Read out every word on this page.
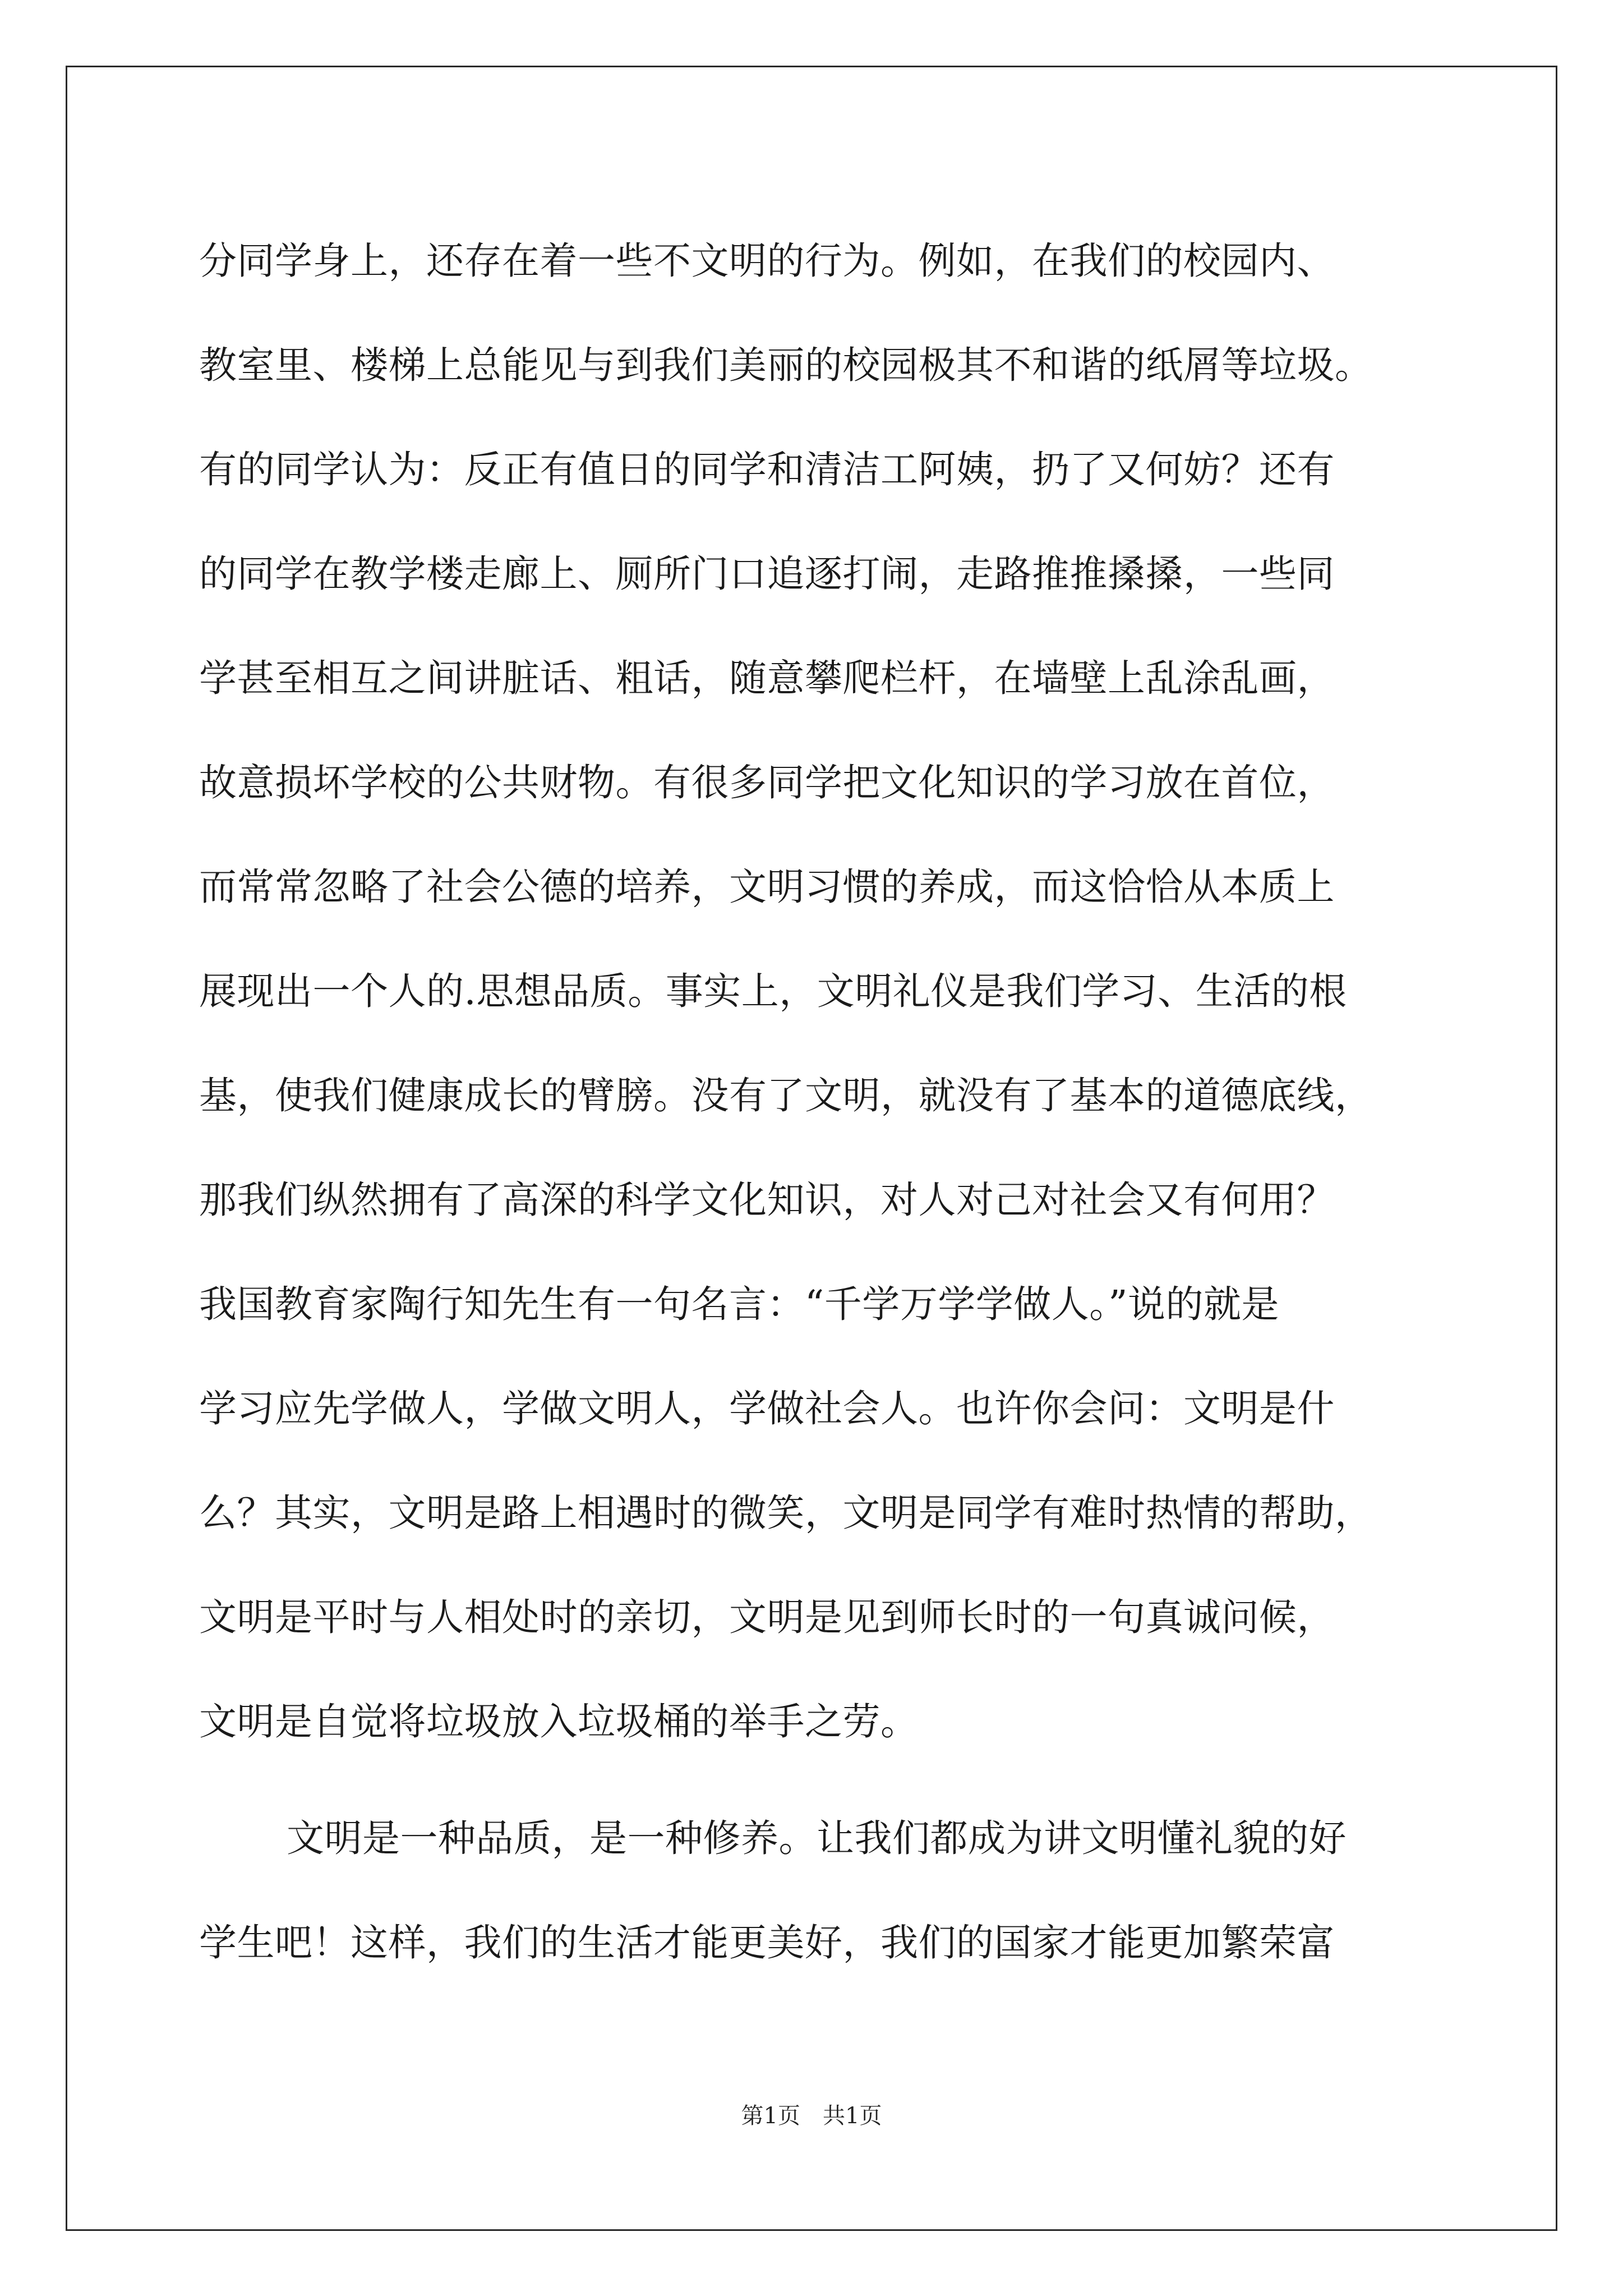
分同学身上，还存在着一些不文明的行为。例如，在我们的校园内、
教室里、楼梯上总能见与到我们美丽的校园极其不和谐的纸屑等垃圾。
有的同学认为：反正有值日的同学和清洁工阿姨，扔了又何妨？还有
的同学在教学楼走廊上、厕所门口追逐打闹，走路推推搡搡，一些同
学甚至相互之间讲脏话、粗话，随意攀爬栏杆，在墙壁上乱涂乱画，
故意损坏学校的公共财物。有很多同学把文化知识的学习放在首位，
而常常忽略了社会公德的培养，文明习惯的养成，而这恰恰从本质上
展现出一个人的.思想品质。事实上，文明礼仪是我们学习、生活的根
基，使我们健康成长的臂膀。没有了文明，就没有了基本的道德底线，
那我们纵然拥有了高深的科学文化知识，对人对己对社会又有何用？
我国教育家陶行知先生有一句名言：“千学万学学做人。”说的就是
学习应先学做人，学做文明人，学做社会人。也许你会问：文明是什
么？其实，文明是路上相遇时的微笑，文明是同学有难时热情的帮助，
文明是平时与人相处时的亲切，文明是见到师长时的一句真诚问候，
文明是自觉将垃圾放入垃圾桶的举手之劳。
文明是一种品质，是一种修养。让我们都成为讲文明懂礼貌的好
学生吧！这样，我们的生活才能更美好，我们的国家才能更加繁荣富
第1页　共1页
